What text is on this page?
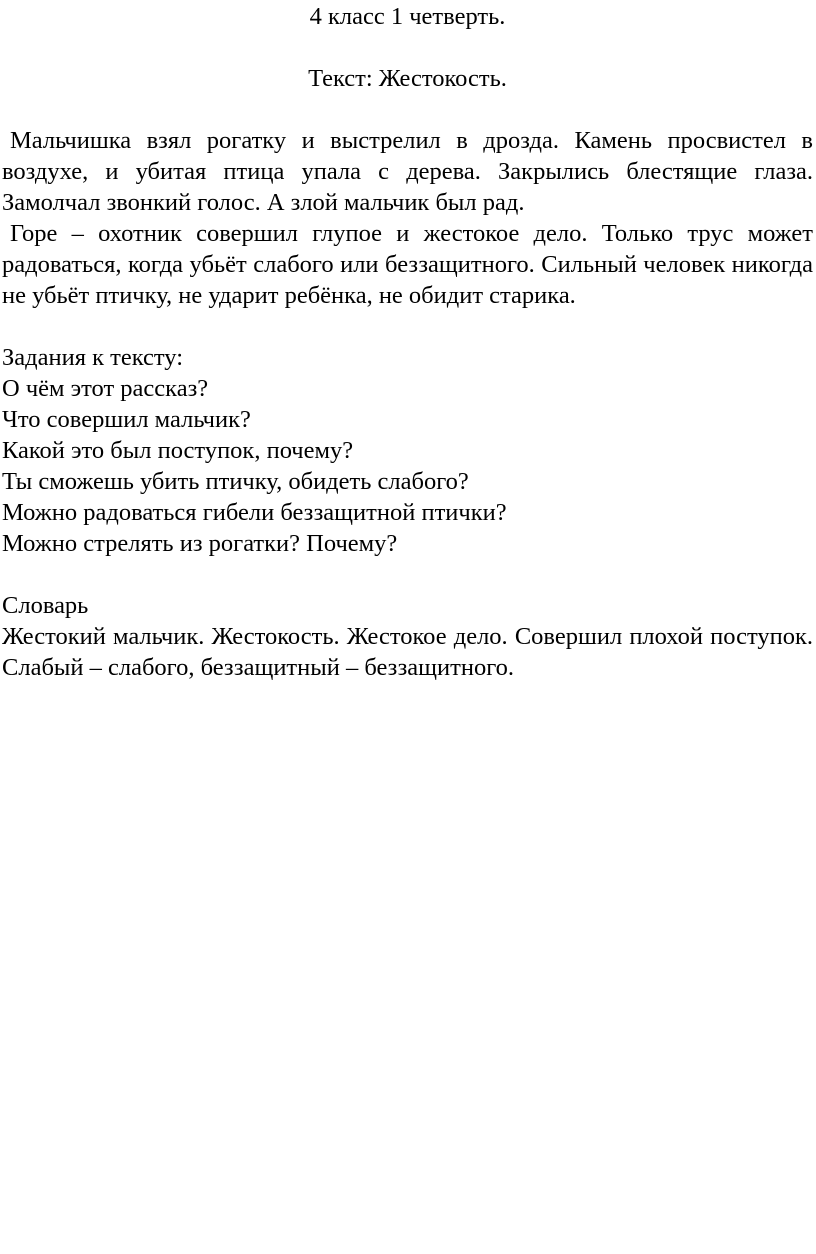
4 класс 1 четверть.
Текст: Жестокость.

Мальчишка взял рогатку и выстрелил в дрозда. Камень просвистел в воздухе, и убитая птица упала с дерева. Закрылись блестящие глаза. Замолчал звонкий голос. А злой мальчик был рад.

Горе – охотник совершил глупое и жестокое дело. Только трус может радоваться, когда убьёт слабого или беззащитного. Сильный человек никогда не убьёт птичку, не ударит ребёнка, не обидит старика.

Задания к тексту:
О чём этот рассказ?
Что совершил мальчик?
Какой это был поступок, почему?
Ты сможешь убить птичку, обидеть слабого?
Можно радоваться гибели беззащитной птички?
Можно стрелять из рогатки? Почему?
Словарь
Жестокий мальчик. Жестокость. Жестокое дело. Совершил плохой поступок. Слабый – слабого, беззащитный – беззащитного.
